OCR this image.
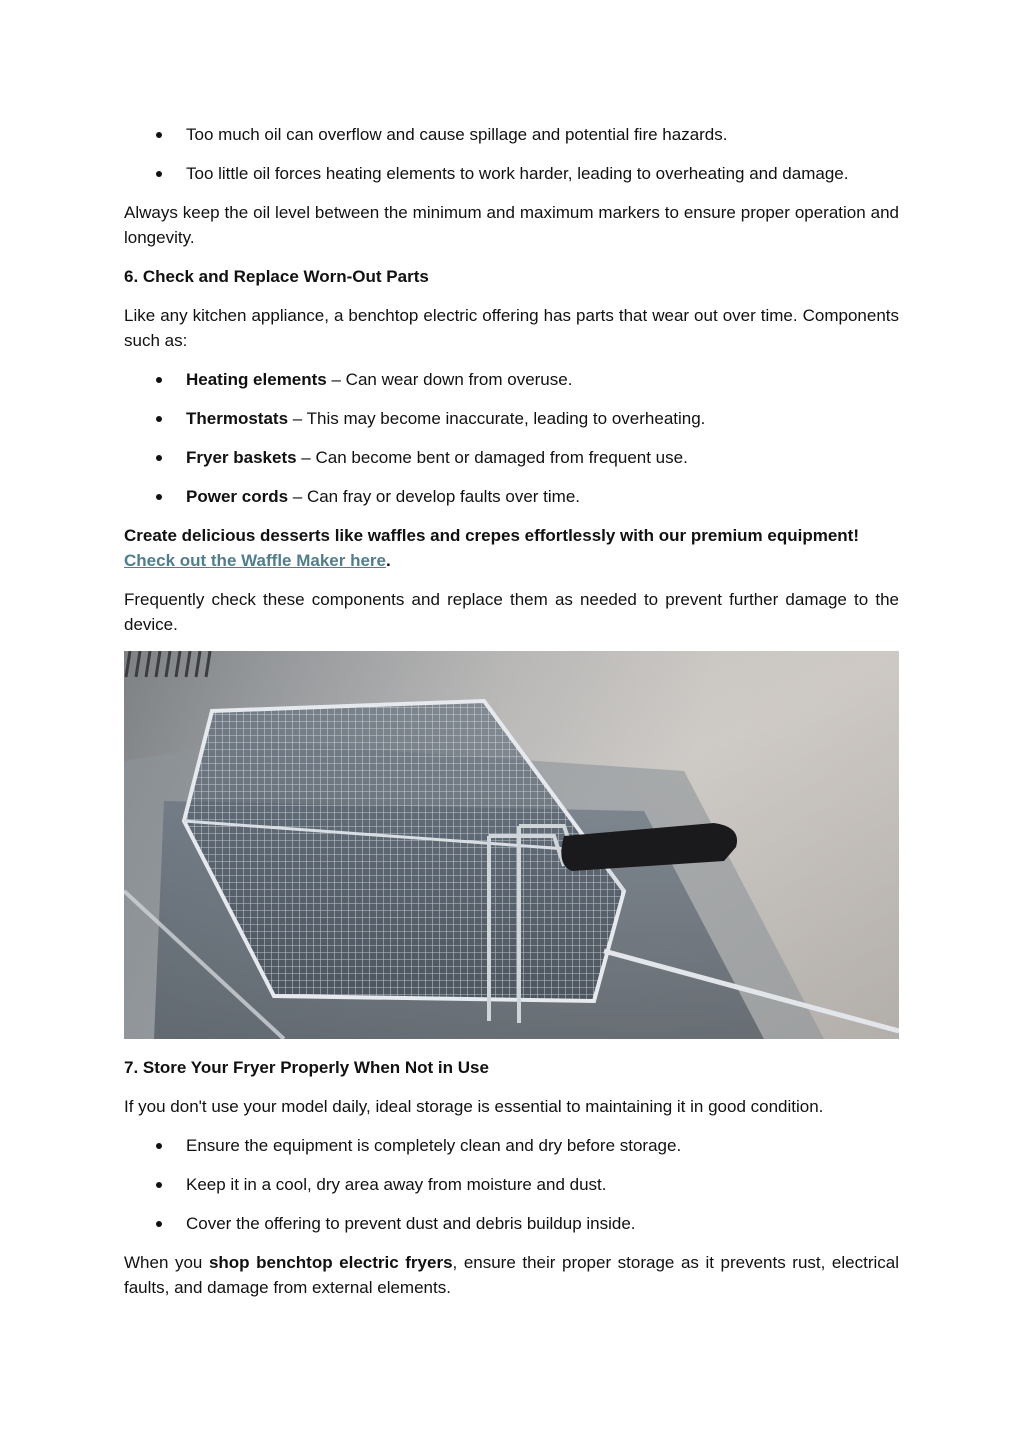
Too much oil can overflow and cause spillage and potential fire hazards.
Too little oil forces heating elements to work harder, leading to overheating and damage.

Always keep the oil level between the minimum and maximum markers to ensure proper operation and longevity.

6. Check and Replace Worn-Out Parts

Like any kitchen appliance, a benchtop electric offering has parts that wear out over time. Components such as:

Heating elements – Can wear down from overuse.
Thermostats – This may become inaccurate, leading to overheating.
Fryer baskets – Can become bent or damaged from frequent use.
Power cords – Can fray or develop faults over time.

Create delicious desserts like waffles and crepes effortlessly with our premium equipment!
Check out the Waffle Maker here.

Frequently check these components and replace them as needed to prevent further damage to the device.

7. Store Your Fryer Properly When Not in Use

If you don't use your model daily, ideal storage is essential to maintaining it in good condition.

Ensure the equipment is completely clean and dry before storage.
Keep it in a cool, dry area away from moisture and dust.
Cover the offering to prevent dust and debris buildup inside.

When you shop benchtop electric fryers, ensure their proper storage as it prevents rust, electrical faults, and damage from external elements.
